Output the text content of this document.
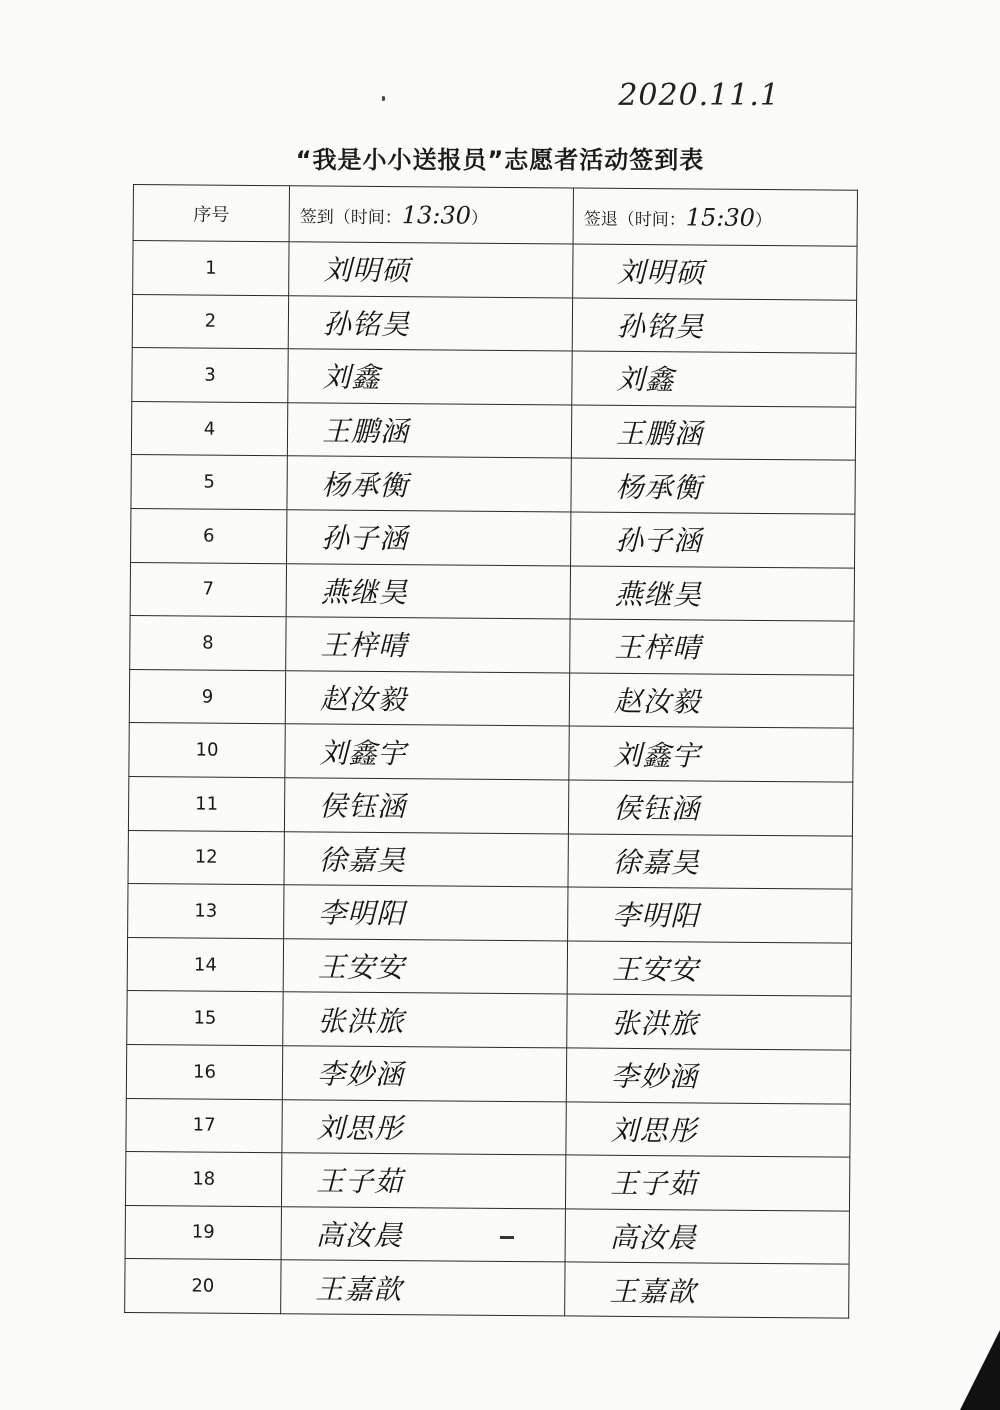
2020.11.1
“我是小小送报员”志愿者活动签到表
序号	签到（时间：13:30）	签退（时间：15:30）
1	刘明硕	刘明硕
2	孙铭昊	孙铭昊
3	刘鑫	刘鑫
4	王鹏涵	王鹏涵
5	杨承衡	杨承衡
6	孙子涵	孙子涵
7	燕继昊	燕继昊
8	王梓晴	王梓晴
9	赵汝毅	赵汝毅
10	刘鑫宇	刘鑫宇
11	侯钰涵	侯钰涵
12	徐嘉昊	徐嘉昊
13	李明阳	李明阳
14	王安安	王安安
15	张洪旅	张洪旅
16	李妙涵	李妙涵
17	刘思彤	刘思彤
18	王子茹	王子茹
19	高汝晨	高汝晨
20	王嘉歆	王嘉歆
